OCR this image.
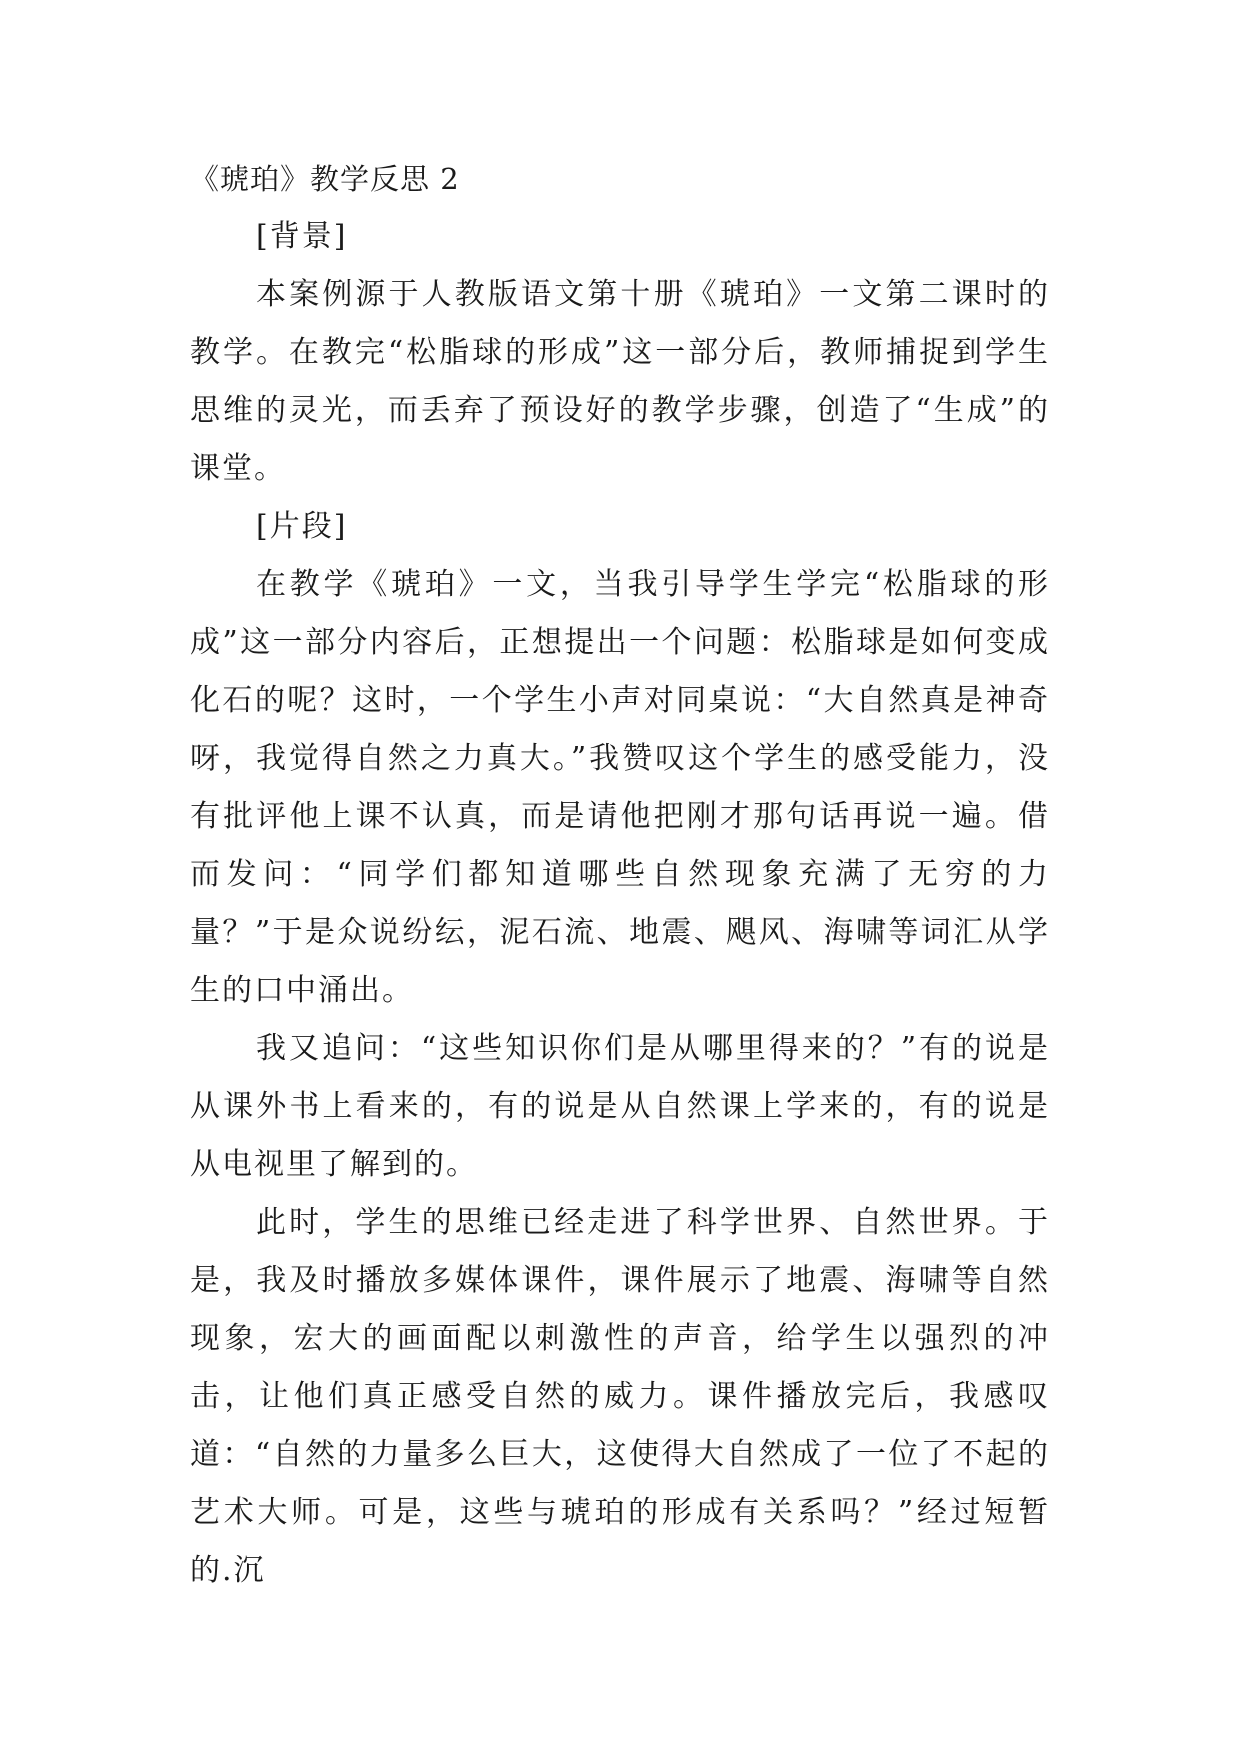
《琥珀》教学反思 2

[背景]

本案例源于人教版语文第十册《琥珀》一文第二课时的教学。在教完“松脂球的形成”这一部分后，教师捕捉到学生思维的灵光，而丢弃了预设好的教学步骤，创造了“生成”的课堂。

[片段]

在教学《琥珀》一文，当我引导学生学完“松脂球的形成”这一部分内容后，正想提出一个问题：松脂球是如何变成化石的呢？这时，一个学生小声对同桌说：“大自然真是神奇呀，我觉得自然之力真大。”我赞叹这个学生的感受能力，没有批评他上课不认真，而是请他把刚才那句话再说一遍。借而发问：“同学们都知道哪些自然现象充满了无穷的力量？”于是众说纷纭，泥石流、地震、飓风、海啸等词汇从学生的口中涌出。

我又追问：“这些知识你们是从哪里得来的？”有的说是从课外书上看来的，有的说是从自然课上学来的，有的说是从电视里了解到的。

此时，学生的思维已经走进了科学世界、自然世界。于是，我及时播放多媒体课件，课件展示了地震、海啸等自然现象，宏大的画面配以刺激性的声音，给学生以强烈的冲击，让他们真正感受自然的威力。课件播放完后，我感叹道：“自然的力量多么巨大，这使得大自然成了一位了不起的艺术大师。可是，这些与琥珀的形成有关系吗？”经过短暂的.沉
